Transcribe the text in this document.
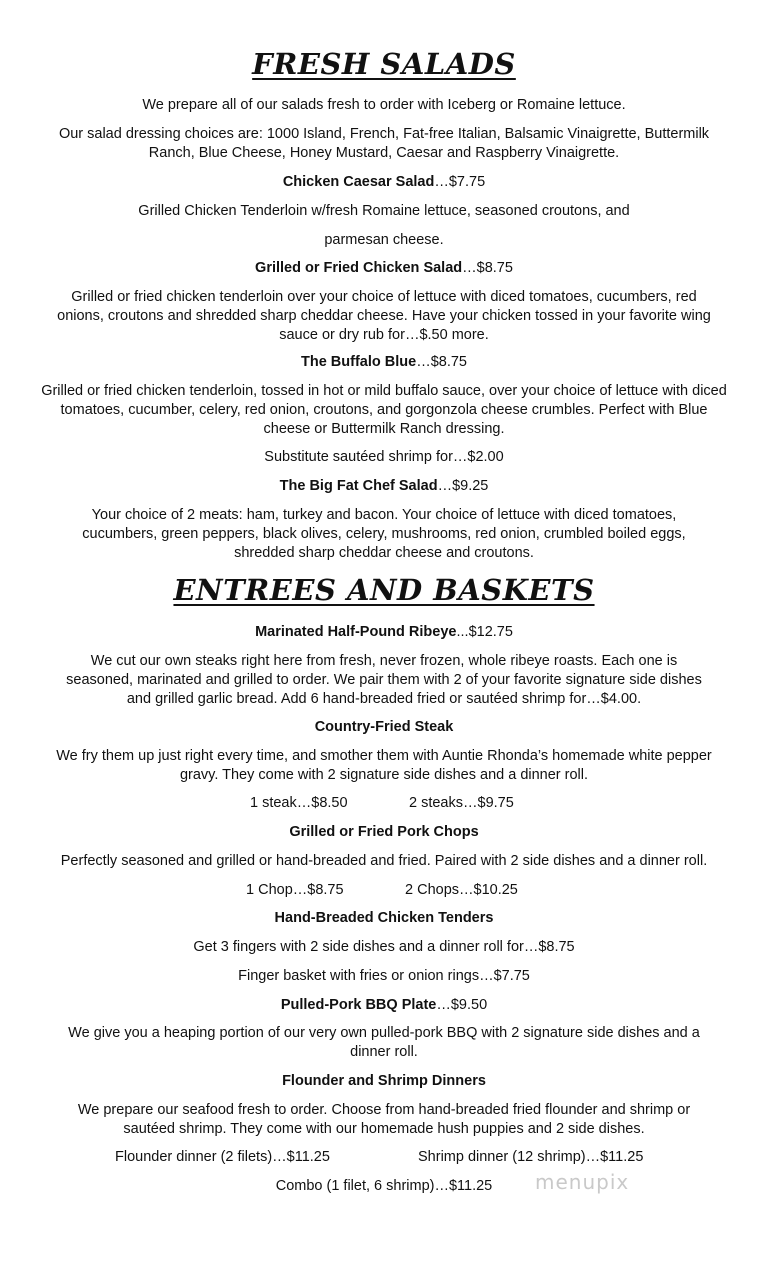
FRESH SALADS

We prepare all of our salads fresh to order with Iceberg or Romaine lettuce.

Our salad dressing choices are: 1000 Island, French, Fat-free Italian, Balsamic Vinaigrette, Buttermilk Ranch, Blue Cheese, Honey Mustard, Caesar and Raspberry Vinaigrette.

Chicken Caesar Salad…$7.75

Grilled Chicken Tenderloin w/fresh Romaine lettuce, seasoned croutons, and

parmesan cheese.

Grilled or Fried Chicken Salad…$8.75

Grilled or fried chicken tenderloin over your choice of lettuce with diced tomatoes, cucumbers, red onions, croutons and shredded sharp cheddar cheese. Have your chicken tossed in your favorite wing sauce or dry rub for…$.50 more.

The Buffalo Blue…$8.75

Grilled or fried chicken tenderloin, tossed in hot or mild buffalo sauce, over your choice of lettuce with diced tomatoes, cucumber, celery, red onion, croutons, and gorgonzola cheese crumbles. Perfect with Blue cheese or Buttermilk Ranch dressing.

Substitute sautéed shrimp for…$2.00

The Big Fat Chef Salad…$9.25

Your choice of 2 meats: ham, turkey and bacon. Your choice of lettuce with diced tomatoes, cucumbers, green peppers, black olives, celery, mushrooms, red onion, crumbled boiled eggs, shredded sharp cheddar cheese and croutons.

ENTREES AND BASKETS

Marinated Half-Pound Ribeye...$12.75

We cut our own steaks right here from fresh, never frozen, whole ribeye roasts. Each one is seasoned, marinated and grilled to order. We pair them with 2 of your favorite signature side dishes and grilled garlic bread. Add 6 hand-breaded fried or sautéed shrimp for…$4.00.

Country-Fried Steak

We fry them up just right every time, and smother them with Auntie Rhonda’s homemade white pepper gravy. They come with 2 signature side dishes and a dinner roll.

1 steak…$8.50	2 steaks…$9.75

Grilled or Fried Pork Chops

Perfectly seasoned and grilled or hand-breaded and fried. Paired with 2 side dishes and a dinner roll.

1 Chop…$8.75	2 Chops…$10.25

Hand-Breaded Chicken Tenders

Get 3 fingers with 2 side dishes and a dinner roll for…$8.75

Finger basket with fries or onion rings…$7.75

Pulled-Pork BBQ Plate…$9.50

We give you a heaping portion of our very own pulled-pork BBQ with 2 signature side dishes and a dinner roll.

Flounder and Shrimp Dinners

We prepare our seafood fresh to order. Choose from hand-breaded fried flounder and shrimp or sautéed shrimp. They come with our homemade hush puppies and 2 side dishes.

Flounder dinner (2 filets)…$11.25	Shrimp dinner (12 shrimp)…$11.25

Combo (1 filet, 6 shrimp)…$11.25	menupix
